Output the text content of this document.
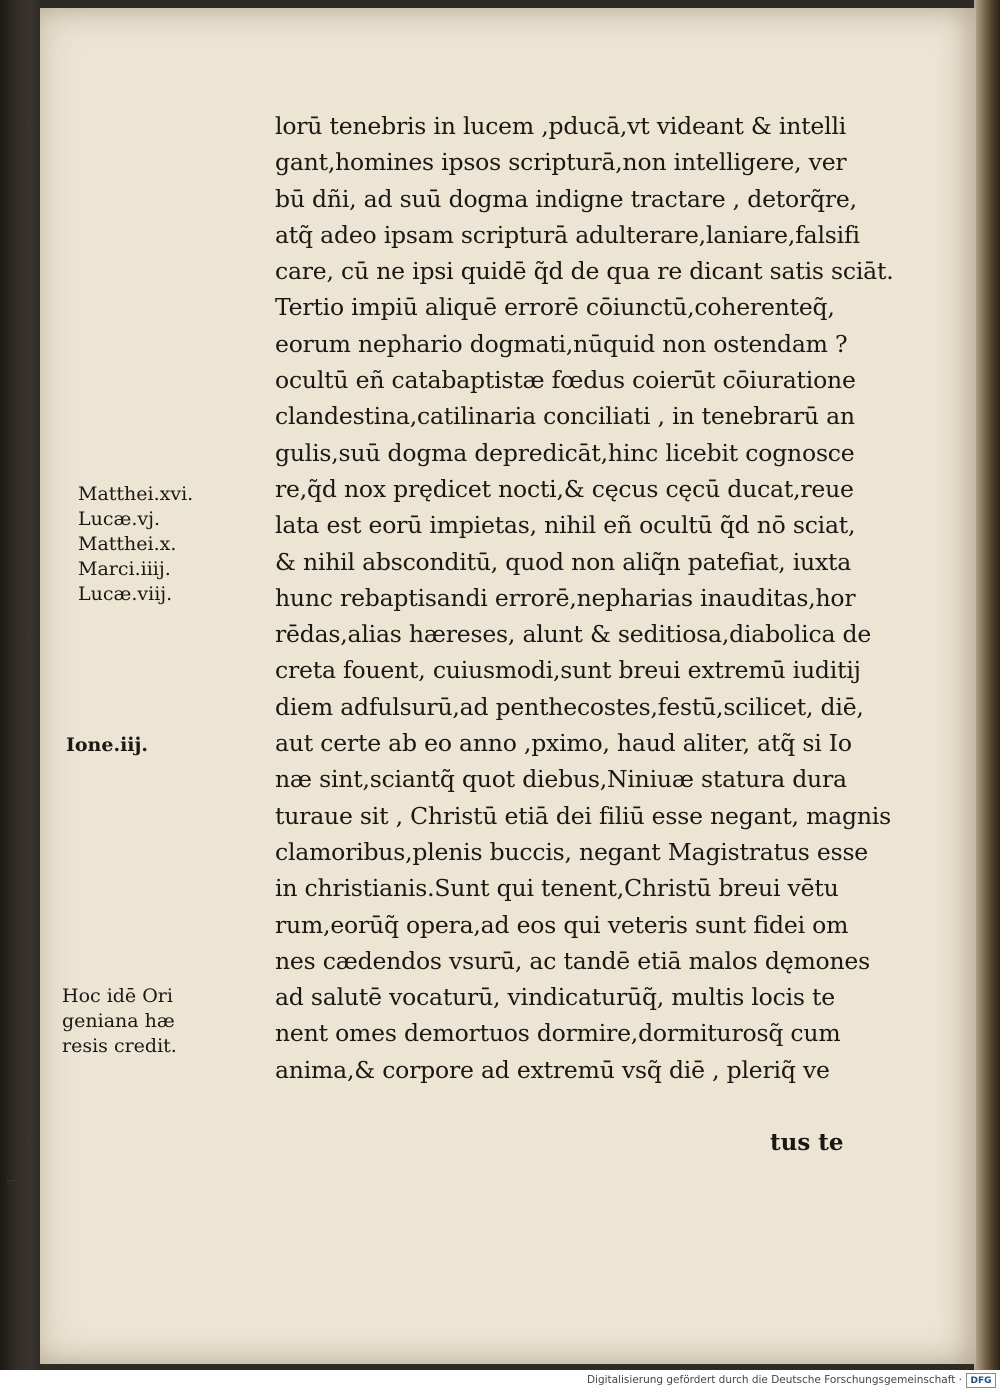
lorū tenebris in lucem ,pducā,vt videant & intelli
gant,homines ipsos scripturā,non intelligere, ver
bū dñi, ad suū dogma indigne tractare , detorq̃re,
atq̃ adeo ipsam scripturā adulterare,laniare,falsifi
care, cū ne ipsi quidē q̃d de qua re dicant satis sciāt.
Tertio impiū aliquē errorē cōiunctū,coherenteq̃,
eorum nephario dogmati,nūquid non ostendam ?
ocultū eñ catabaptistæ fœdus coierūt cōiuratione
clandestina,catilinaria conciliati , in tenebrarū an
gulis,suū dogma depredicāt,hinc licebit cognosce
re,q̃d nox prędicet nocti,& cęcus cęcū ducat,reue
lata est eorū impietas, nihil eñ ocultū q̃d nō sciat,
& nihil absconditū, quod non aliq̃n patefiat, iuxta
hunc rebaptisandi errorē,nepharias inauditas,hor
rēdas,alias hæreses, alunt & seditiosa,diabolica de
creta fouent, cuiusmodi,sunt breui extremū iuditij
diem adfulsurū,ad penthecostes,festū,scilicet, diē,
aut certe ab eo anno ,pximo, haud aliter, atq̃ si Io
næ sint,sciantq̃ quot diebus,Niniuæ statura dura
turaue sit , Christū etiā dei filiū esse negant, magnis
clamoribus,plenis buccis, negant Magistratus esse
in christianis.Sunt qui tenent,Christū breui vētu
rum,eorūq̃ opera,ad eos qui veteris sunt fidei om
nes cædendos vsurū, ac tandē etiā malos dęmones
ad salutē vocaturū, vindicaturūq̃, multis locis te
nent omes demortuos dormire,dormiturosq̃ cum
anima,& corpore ad extremū vsq̃ diē , pleriq̃ ve
tus te
Matthei.xvi.
Lucæ.vj.
Matthei.x.
Marci.iiij.
Lucæ.viij.
Ione.iij.
Hoc idē Ori
geniana hæ
resis credit.
⌐
Digitalisierung gefördert durch die Deutsche Forschungsgemeinschaft · DFG
